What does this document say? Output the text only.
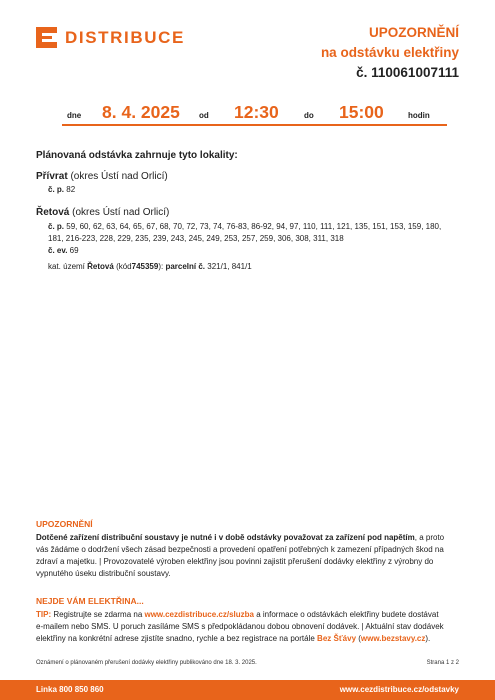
DISTRIBUCE	UPOZORNĚNÍ
na odstávku elektřiny
č. 110061007111
dne 8. 4. 2025 od 12:30	do 15:00	hodin
Plánovaná odstávka zahrnuje tyto lokality:
Přívrat (okres Ústí nad Orlicí)
č. p. 82
Řetová (okres Ústí nad Orlicí)
č. p. 59, 60, 62, 63, 64, 65, 67, 68, 70, 72, 73, 74, 76-83, 86-92, 94, 97, 110, 111, 121, 135, 151, 153, 159, 180,
181, 216-223, 228, 229, 235, 239, 243, 245, 249, 253, 257, 259, 306, 308, 311, 318
č. ev. 69
kat. území Řetová (kód745359): parcelní č. 321/1, 841/1
UPOZORNĚNÍ
Dotčené zařízení distribuční soustavy je nutné i v době odstávky považovat za zařízení pod napětím, a proto
vás žádáme o dodržení všech zásad bezpečnosti a provedení opatření potřebných k zamezení případných škod na
zdraví a majetku. | Provozovatelé výroben elektřiny jsou povinni zajistit přerušení dodávky elektřiny z výrobny do
vypnutého úseku distribuční soustavy.
NEJDE VÁM ELEKTŘINA...
TIP: Registrujte se zdarma na www.cezdistribuce.cz/sluzba a informace o odstávkách elektřiny budete dostávat
e-mailem nebo SMS. U poruch zasíláme SMS s předpokládanou dobou obnovení dodávek. | Aktuální stav dodávek
elektřiny na konkrétní adrese zjistíte snadno, rychle a bez registrace na portále Bez Šťávy (www.bezstavy.cz).
Oznámení o plánovaném přerušení dodávky elektřiny publikováno dne 18. 3. 2025.	Strana 1 z 2
Linka 800 850 860	www.cezdistribuce.cz/odstavky
